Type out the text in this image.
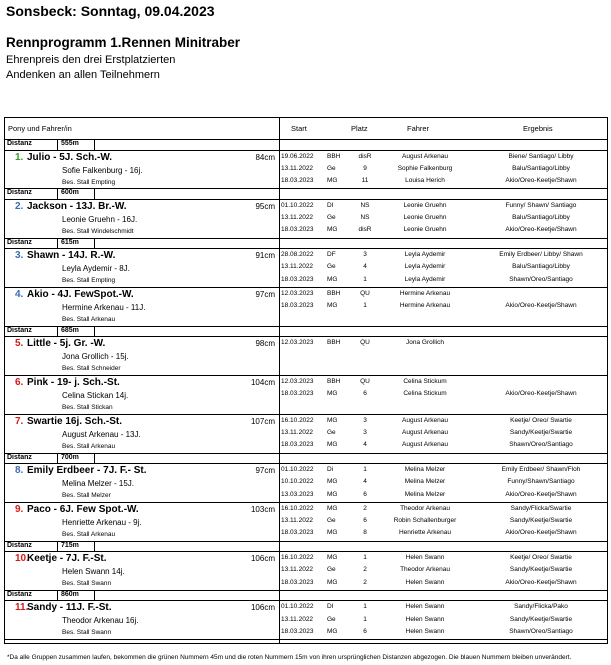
Sonsbeck: Sonntag, 09.04.2023
Rennprogramm 1.Rennen Minitraber
Ehrenpreis den drei Erstplatzierten
Andenken an allen Teilnehmern
Pony und Fahrer/in	Start	Platz	Fahrer	Ergebnis
Distanz	555m
1. Julio - 5J. Sch.-W.	84cm
Sofie Falkenburg - 16j.
Bes. Stall Empting
19.06.2022	BBH	disR	August Arkenau	Biene/ Santiago/ Libby
13.11.2022	Ge	9	Sophie Falkenburg	Balu/Santiago/Libby
18.03.2023	MG	11	Louisa Herich	Akio/Oreo-Keetje/Shawn
Distanz	600m
2. Jackson - 13J. Br.-W.	95cm
Leonie Gruehn - 16J.
Bes. Stall Windelschmidt
01.10.2022	DI	NS	Leonie Gruehn	Funny/ Shawn/ Santiago
13.11.2022	Ge	NS	Leonie Gruehn	Balu/Santiago/Libby
18.03.2023	MG	disR	Leonie Gruehn	Akio/Oreo-Keetje/Shawn
Distanz	615m
3. Shawn - 14J. R.-W.	91cm
Leyla Aydemir - 8J.
Bes. Stall Empting
28.08.2022	DF	3	Leyla Aydemir	Emily Erdbeer/ Libby/ Shawn
13.11.2022	Ge	4	Leyla Aydemir	Balu/Santiago/Libby
18.03.2023	MG	1	Leyla Aydemir	Shawn/Oreo/Santiago
4. Akio - 4J. FewSpot.-W.	97cm
Hermine Arkenau - 11J.
Bes. Stall Arkenau
12.03.2023	BBH	QU	Hermine Arkenau
18.03.2023	MG	1	Hermine Arkenau	Akio/Oreo-Keetje/Shawn
Distanz	685m
5. Little - 5j. Gr. -W.	98cm
Jona Grollich - 15j.
Bes. Stall Schneider
12.03.2023	BBH	QU	Jona Grollich
6. Pink - 19- j. Sch.-St.	104cm
Celina Stickan 14j.
Bes. Stall Stickan
12.03.2023	BBH	QU	Celina Stickum
18.03.2023	MG	6	Celina Stickum	Akio/Oreo-Keetje/Shawn
7. Swartie 16j. Sch.-St.	107cm
August Arkenau - 13J.
Bes. Stall Arkenau
16.10.2022	MG	3	August Arkenau	Keetje/ Oreo/ Swartie
13.11.2022	Ge	3	August Arkenau	Sandy/Keetje/Swartie
18.03.2023	MG	4	August Arkenau	Shawn/Oreo/Santiago
Distanz	700m
8. Emily Erdbeer - 7J. F.- St.	97cm
Melina Melzer - 15J.
Bes. Stall Melzer
01.10.2022	Di	1	Melina Melzer	Emily Erdbeer/ Shawn/Floh
10.10.2022	MG	4	Melina Melzer	Funny/Shawn/Santiago
13.03.2023	MG	6	Melina Melzer	Akio/Oreo-Keetje/Shawn
9. Paco - 6J. Few Spot.-W.	103cm
Henriette Arkenau - 9j.
Bes. Stall Arkenau
16.10.2022	MG	2	Theodor Arkenau	Sandy/Flicka/Swartie
13.11.2022	Ge	6	Robin Schallenburger	Sandy/Keetje/Swartie
18.03.2023	MG	8	Henriette Arkenau	Akio/Oreo-Keetje/Shawn
Distanz	715m
10.
Keetje - 7J. F.-St.	106cm
Helen Swann 14j.
Bes. Stall Swann
16.10.2022	MG	1	Helen Swann	Keetje/ Oreo/ Swartie
13.11.2022	Ge	2	Theodor Arkenau	Sandy/Keetje/Swartie
18.03.2023	MG	2	Helen Swann	Akio/Oreo-Keetje/Shawn
Distanz	860m
11.
Sandy - 11J. F.-St.	106cm
Theodor Arkenau 16j.
Bes. Stall Swann
01.10.2022	DI	1	Helen Swann	Sandy/Flicka/Pako
13.11.2022	Ge	1	Helen Swann	Sandy/Keetje/Swartie
18.03.2023	MG	6	Helen Swann	Shawn/Oreo/Santiago
*Da alle Gruppen zusammen laufen, bekommen die grünen Nummern 45m und die roten Nummern 15m von ihren ursprünglichen Distanzen abgezogen. Die blauen Nummern bleiben unverändert.
